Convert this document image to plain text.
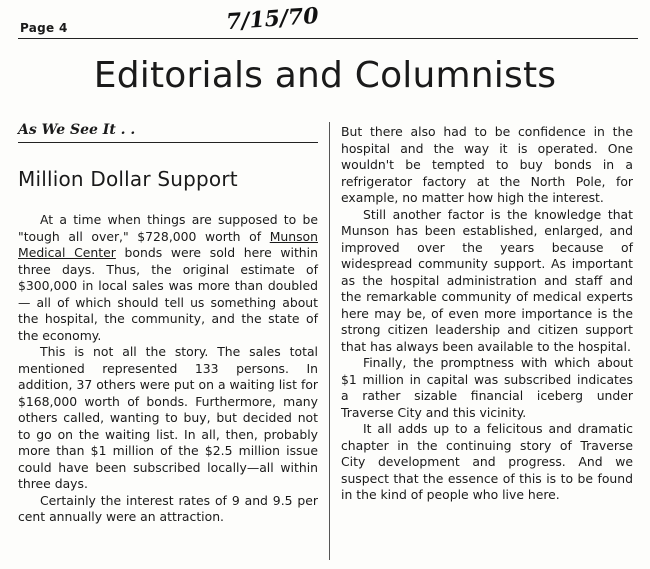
Page 4	7/15/70
Editorials and Columnists
As We See It . .
Million Dollar Support

At a time when things are supposed to be "tough all over," $728,000 worth of Munson Medical Center bonds were sold here within three days. Thus, the original estimate of $300,000 in local sales was more than doubled — all of which should tell us something about the hospital, the community, and the state of the economy.

This is not all the story. The sales total mentioned represented 133 persons. In addition, 37 others were put on a waiting list for $168,000 worth of bonds. Furthermore, many others called, wanting to buy, but decided not to go on the waiting list. In all, then, probably more than $1 million of the $2.5 million issue could have been subscribed locally—all within three days.

Certainly the interest rates of 9 and 9.5 per cent annually were an attraction.

But there also had to be confidence in the hospital and the way it is operated. One wouldn't be tempted to buy bonds in a refrigerator factory at the North Pole, for example, no matter how high the interest.

Still another factor is the knowledge that Munson has been established, enlarged, and improved over the years because of widespread community support. As important as the hospital administration and staff and the remarkable community of medical experts here may be, of even more importance is the strong citizen leadership and citizen support that has always been available to the hospital.

Finally, the promptness with which about $1 million in capital was subscribed indicates a rather sizable financial iceberg under Traverse City and this vicinity.

It all adds up to a felicitous and dramatic chapter in the continuing story of Traverse City development and progress. And we suspect that the essence of this is to be found in the kind of people who live here.
